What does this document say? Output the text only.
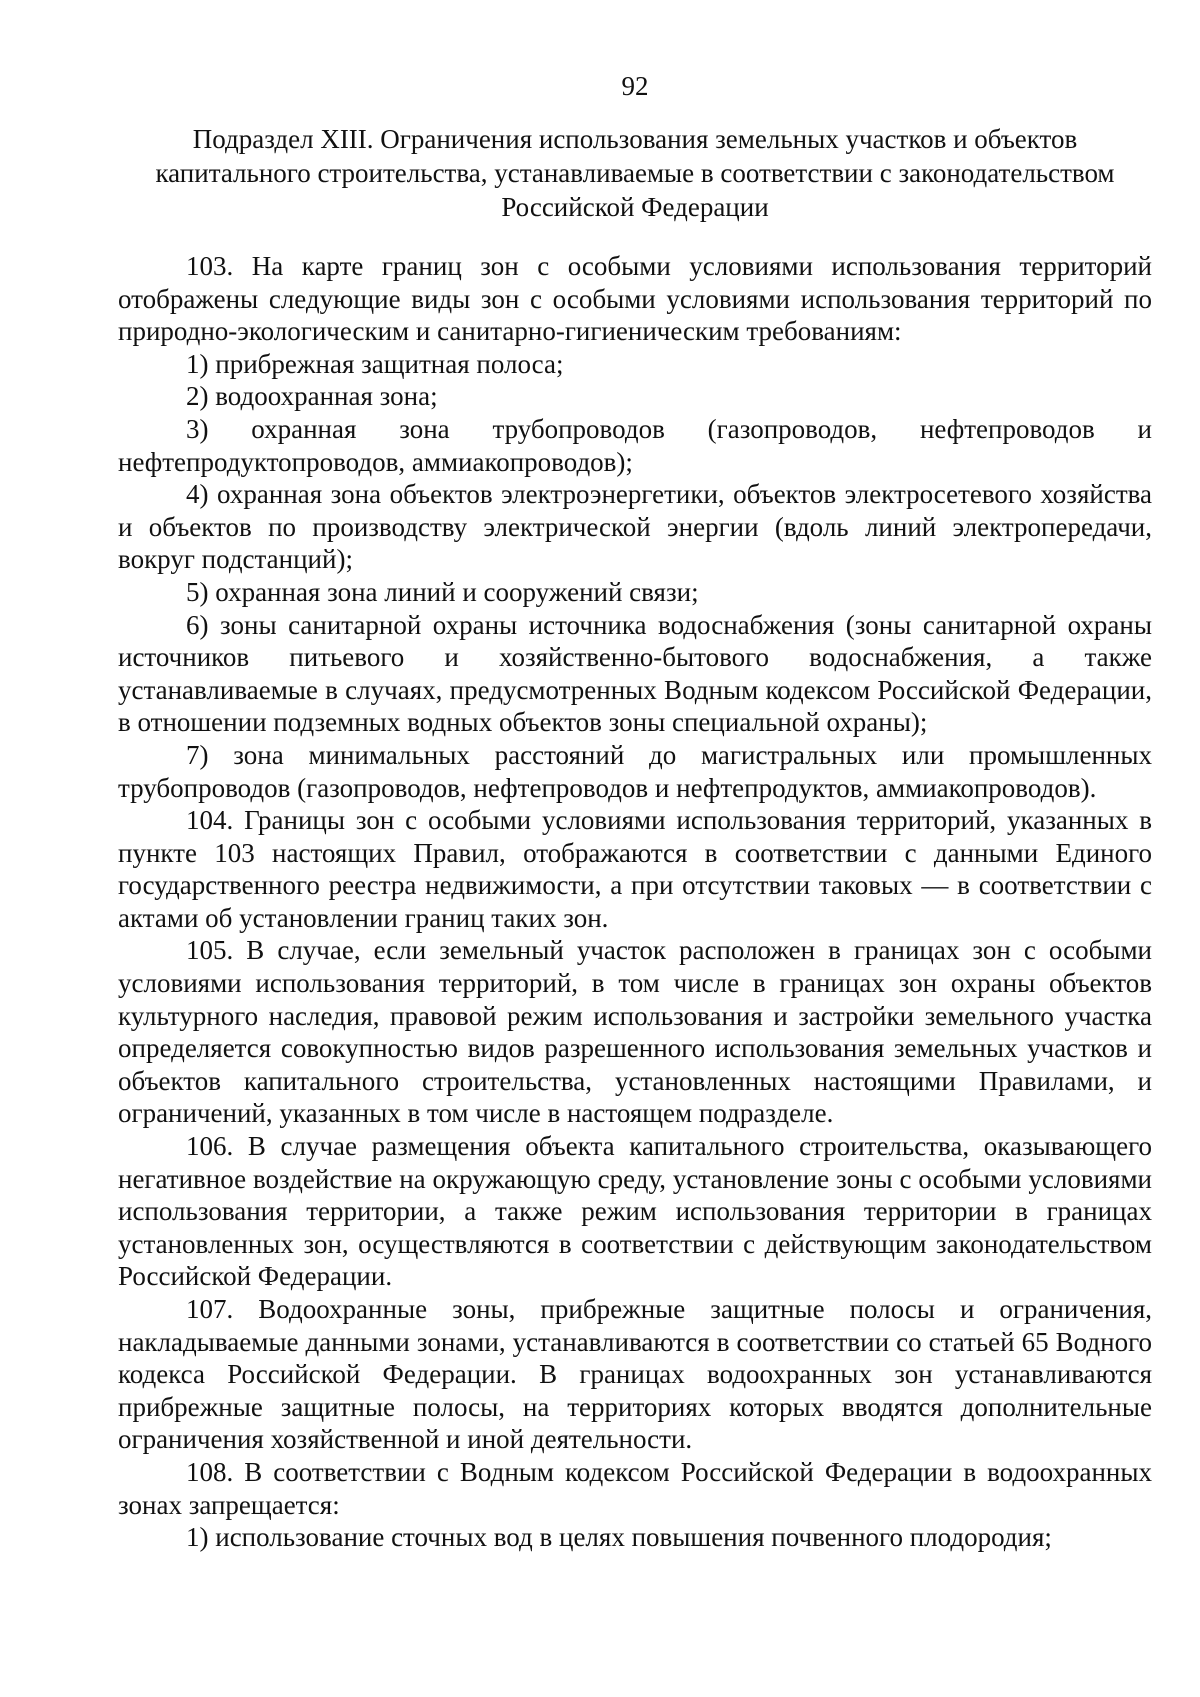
92
Подраздел XIII. Ограничения использования земельных участков и объектов
капитального строительства, устанавливаемые в соответствии с законодательством
Российской Федерации

103. На карте границ зон с особыми условиями использования территорий отображены следующие виды зон с особыми условиями использования территорий по природно-экологическим и санитарно-гигиеническим требованиям:

1) прибрежная защитная полоса;

2) водоохранная зона;

3) охранная зона трубопроводов (газопроводов, нефтепроводов и нефтепродуктопроводов, аммиакопроводов);

4) охранная зона объектов электроэнергетики, объектов электросетевого хозяйства и объектов по производству электрической энергии (вдоль линий электропередачи, вокруг подстанций);

5) охранная зона линий и сооружений связи;

6) зоны санитарной охраны источника водоснабжения (зоны санитарной охраны источников питьевого и хозяйственно-бытового водоснабжения, а также устанавливаемые в случаях, предусмотренных Водным кодексом Российской Федерации, в отношении подземных водных объектов зоны специальной охраны);

7) зона минимальных расстояний до магистральных или промышленных трубопроводов (газопроводов, нефтепроводов и нефтепродуктов, аммиакопроводов).

104. Границы зон с особыми условиями использования территорий, указанных в пункте 103 настоящих Правил, отображаются в соответствии с данными Единого государственного реестра недвижимости, а при отсутствии таковых — в соответствии с актами об установлении границ таких зон.

105. В случае, если земельный участок расположен в границах зон с особыми условиями использования территорий, в том числе в границах зон охраны объектов культурного наследия, правовой режим использования и застройки земельного участка определяется совокупностью видов разрешенного использования земельных участков и объектов капитального строительства, установленных настоящими Правилами, и ограничений, указанных в том числе в настоящем подразделе.

106. В случае размещения объекта капитального строительства, оказывающего негативное воздействие на окружающую среду, установление зоны с особыми условиями использования территории, а также режим использования территории в границах установленных зон, осуществляются в соответствии с действующим законодательством Российской Федерации.

107. Водоохранные зоны, прибрежные защитные полосы и ограничения, накладываемые данными зонами, устанавливаются в соответствии со статьей 65 Водного кодекса Российской Федерации. В границах водоохранных зон устанавливаются прибрежные защитные полосы, на территориях которых вводятся дополнительные ограничения хозяйственной и иной деятельности.

108. В соответствии с Водным кодексом Российской Федерации в водоохранных зонах запрещается:

1) использование сточных вод в целях повышения почвенного плодородия;
